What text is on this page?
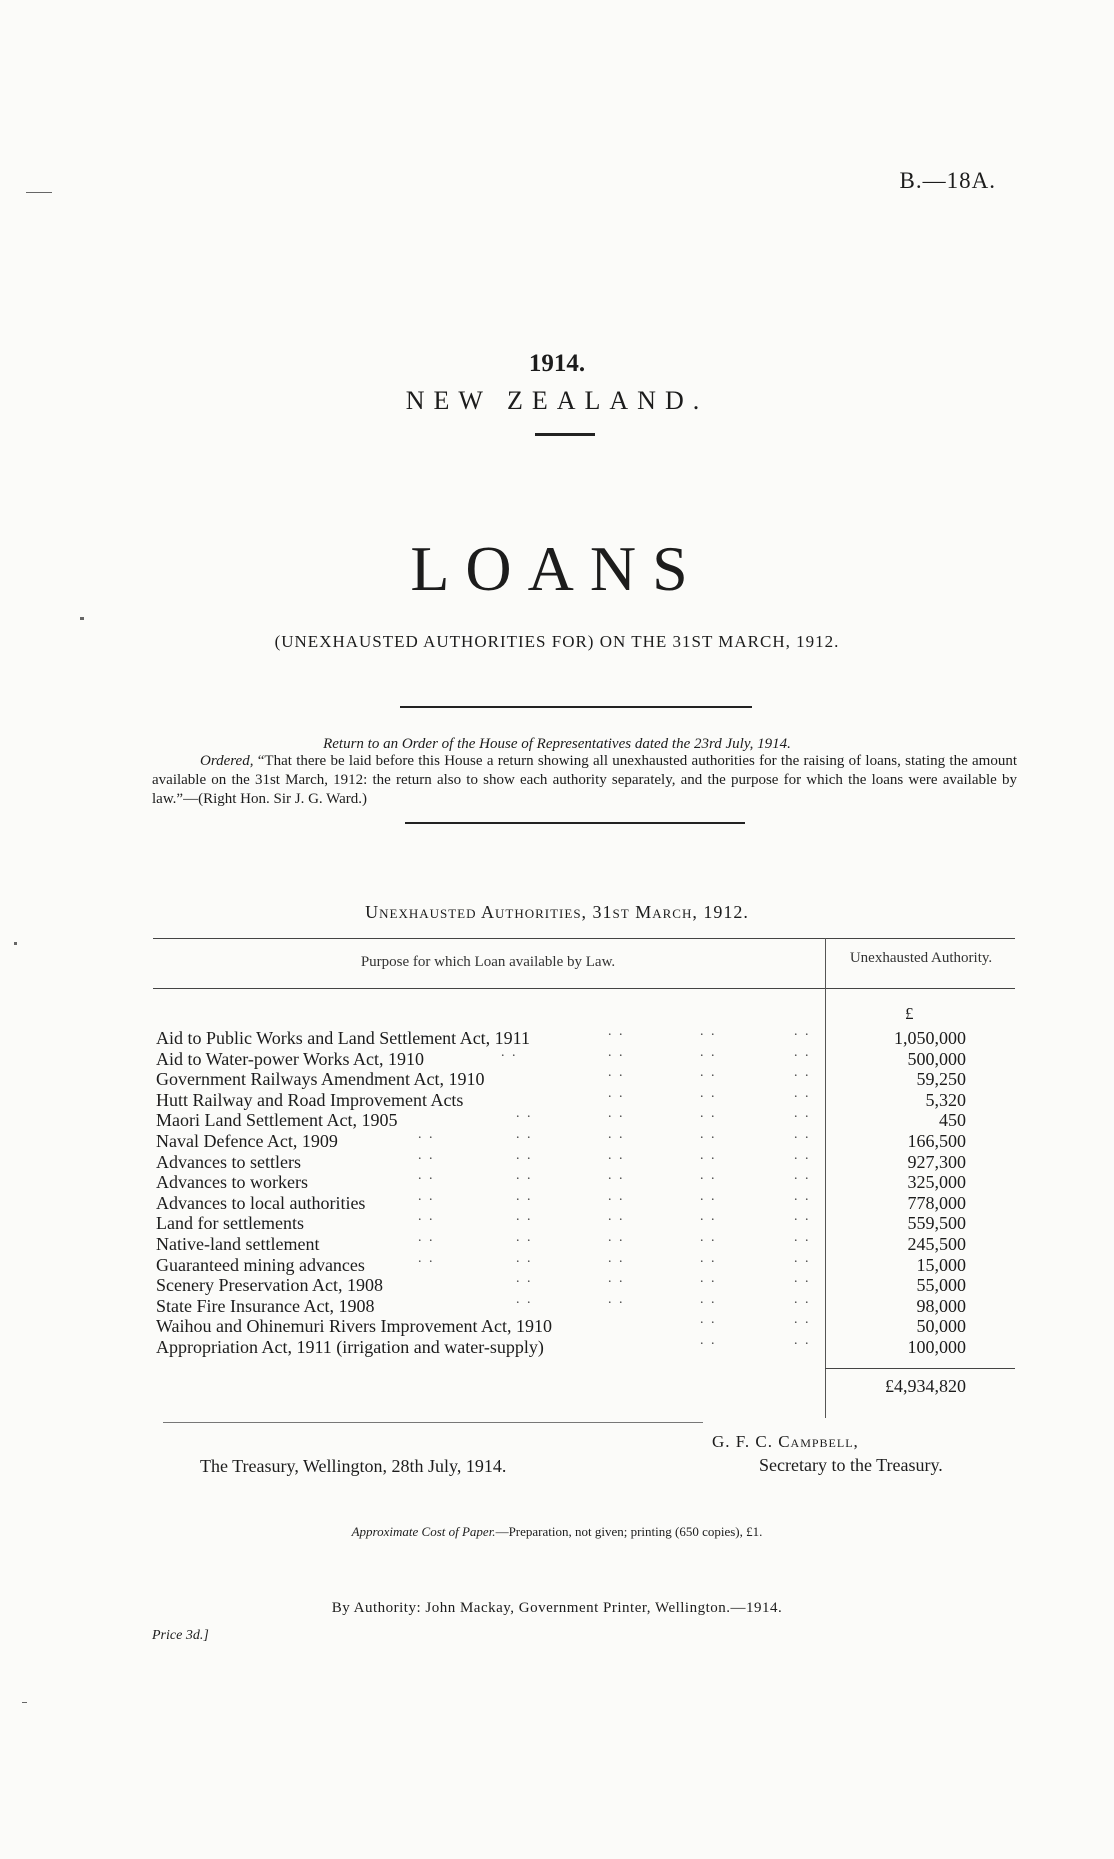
B.—18A.
1914.
NEW ZEALAND.
LOANS
(UNEXHAUSTED AUTHORITIES FOR) ON THE 31ST MARCH, 1912.
Return to an Order of the House of Representatives dated the 23rd July, 1914.
Ordered, “That there be laid before this House a return showing all unexhausted authorities for the raising of loans, stating the amount available on the 31st March, 1912: the return also to show each authority separately, and the purpose for which the loans were available by law.”—(Right Hon. Sir J. G. Ward.)
Unexhausted Authorities, 31st March, 1912.
Purpose for which Loan available by Law.	Unexhausted Authority.
£
Aid to Public Works and Land Settlement Act, 1911	. .	. .	. .	1,050,000
Aid to Water-power Works Act, 1910	. .	. .	. .	. .	500,000
Government Railways Amendment Act, 1910	. .	. .	. .	59,250
Hutt Railway and Road Improvement Acts	. .	. .	. .	5,320
Maori Land Settlement Act, 1905	. .	. .	. .	. .	450
Naval Defence Act, 1909	. .	. .	. .	. .	. .	166,500
Advances to settlers	. .	. .	. .	. .	. .	927,300
Advances to workers	. .	. .	. .	. .	. .	325,000
Advances to local authorities	. .	. .	. .	. .	. .	778,000
Land for settlements	. .	. .	. .	. .	. .	559,500
Native-land settlement	. .	. .	. .	. .	. .	245,500
Guaranteed mining advances	. .	. .	. .	. .	. .	15,000
Scenery Preservation Act, 1908	. .	. .	. .	. .	55,000
State Fire Insurance Act, 1908	. .	. .	. .	. .	98,000
Waihou and Ohinemuri Rivers Improvement Act, 1910	. .	. .	50,000
Appropriation Act, 1911 (irrigation and water-supply)	. .	. .	100,000
£4,934,820
G. F. C. Campbell,
The Treasury, Wellington, 28th July, 1914.	Secretary to the Treasury.
Approximate Cost of Paper.—Preparation, not given; printing (650 copies), £1.
By Authority: John Mackay, Government Printer, Wellington.—1914.
Price 3d.]
